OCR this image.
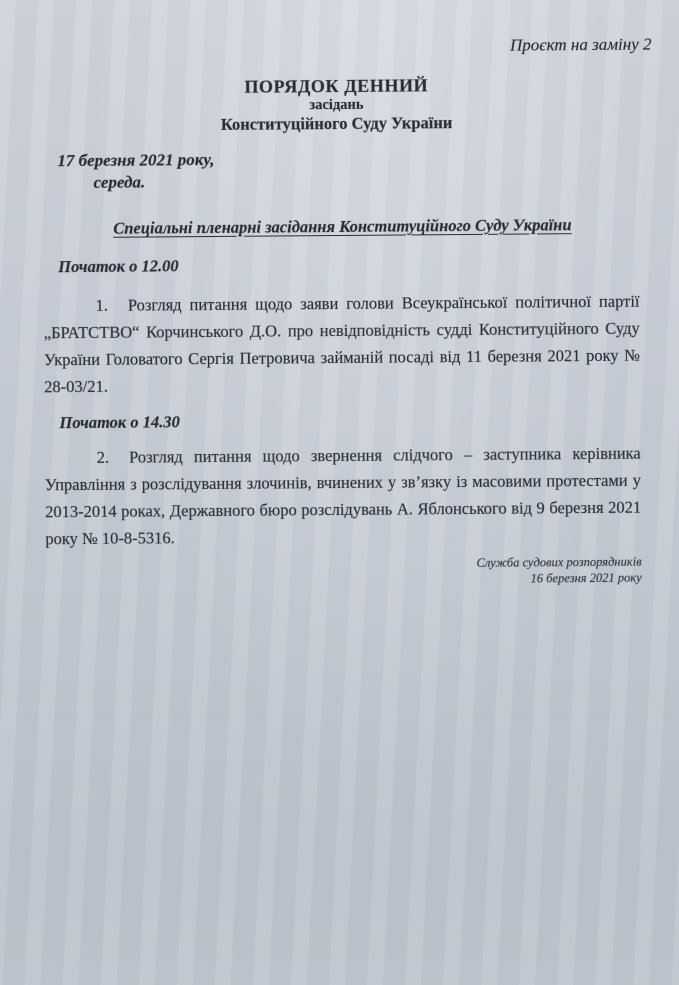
Проєкт на заміну 2
ПОРЯДОК ДЕННИЙ
засідань
Конституційного Суду України
17 березня 2021 року,
середа.
Спеціальні пленарні засідання Конституційного Суду України
Початок о 12.00

1. Розгляд питання щодо заяви голови Всеукраїнської політичної партії „БРАТСТВО“ Корчинського Д.О. про невідповідність судді Конституційного Суду України Головатого Сергія Петровича займаній посаді від 11 березня 2021 року № 28-03/21.

Початок о 14.30

2. Розгляд питання щодо звернення слідчого – заступника керівника Управління з розслідування злочинів, вчинених у зв’язку із масовими протестами у 2013-2014 роках, Державного бюро розслідувань А. Яблонського від 9 березня 2021 року № 10-8-5316.

Служба судових розпорядників
16 березня 2021 року
